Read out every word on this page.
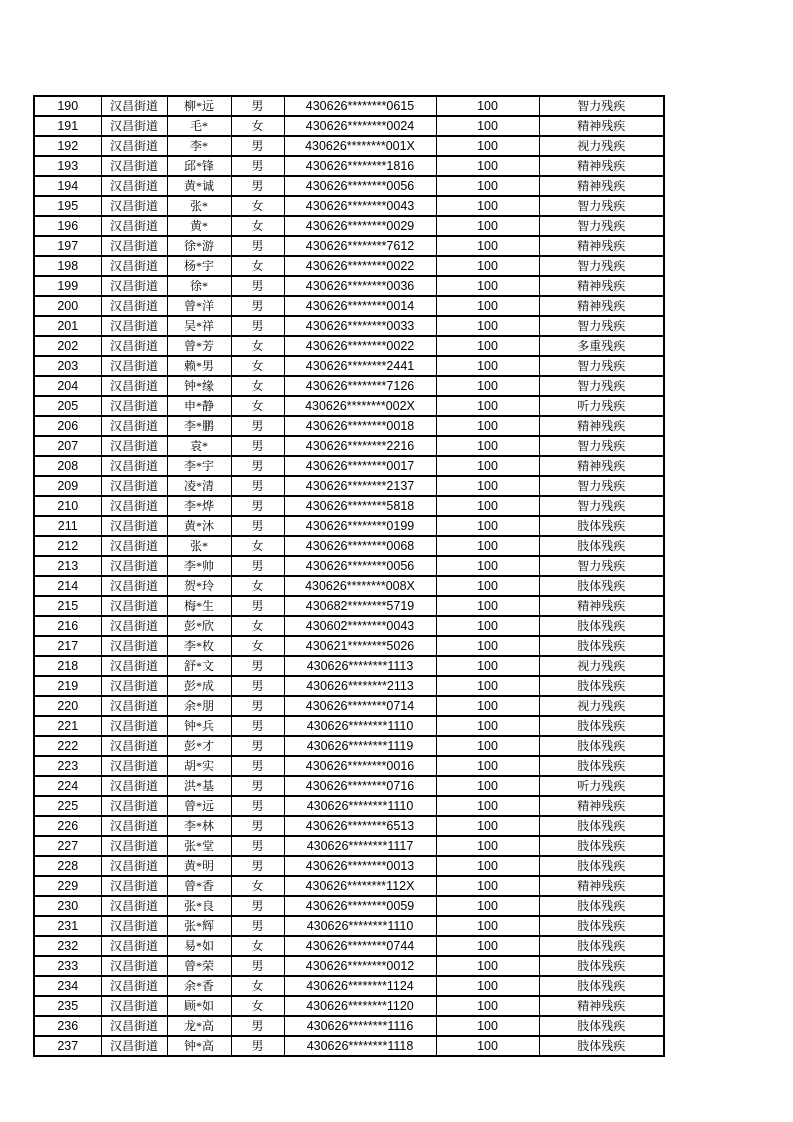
190	汉昌街道	柳*远	男	430626********0615	100	智力残疾
191	汉昌街道	毛*	女	430626********0024	100	精神残疾
192	汉昌街道	李*	男	430626********001X	100	视力残疾
193	汉昌街道	邱*锋	男	430626********1816	100	精神残疾
194	汉昌街道	黄*诚	男	430626********0056	100	精神残疾
195	汉昌街道	张*	女	430626********0043	100	智力残疾
196	汉昌街道	黄*	女	430626********0029	100	智力残疾
197	汉昌街道	徐*游	男	430626********7612	100	精神残疾
198	汉昌街道	杨*宇	女	430626********0022	100	智力残疾
199	汉昌街道	徐*	男	430626********0036	100	精神残疾
200	汉昌街道	曾*洋	男	430626********0014	100	精神残疾
201	汉昌街道	吴*祥	男	430626********0033	100	智力残疾
202	汉昌街道	曾*芳	女	430626********0022	100	多重残疾
203	汉昌街道	赖*男	女	430626********2441	100	智力残疾
204	汉昌街道	钟*缘	女	430626********7126	100	智力残疾
205	汉昌街道	申*静	女	430626********002X	100	听力残疾
206	汉昌街道	李*鹏	男	430626********0018	100	精神残疾
207	汉昌街道	袁*	男	430626********2216	100	智力残疾
208	汉昌街道	李*宇	男	430626********0017	100	精神残疾
209	汉昌街道	凌*清	男	430626********2137	100	智力残疾
210	汉昌街道	李*烨	男	430626********5818	100	智力残疾
211	汉昌街道	黄*沐	男	430626********0199	100	肢体残疾
212	汉昌街道	张*	女	430626********0068	100	肢体残疾
213	汉昌街道	李*帅	男	430626********0056	100	智力残疾
214	汉昌街道	贺*玲	女	430626********008X	100	肢体残疾
215	汉昌街道	梅*生	男	430682********5719	100	精神残疾
216	汉昌街道	彭*欣	女	430602********0043	100	肢体残疾
217	汉昌街道	李*枚	女	430621********5026	100	肢体残疾
218	汉昌街道	舒*文	男	430626********1113	100	视力残疾
219	汉昌街道	彭*成	男	430626********2113	100	肢体残疾
220	汉昌街道	余*朋	男	430626********0714	100	视力残疾
221	汉昌街道	钟*兵	男	430626********1110	100	肢体残疾
222	汉昌街道	彭*才	男	430626********1119	100	肢体残疾
223	汉昌街道	胡*实	男	430626********0016	100	肢体残疾
224	汉昌街道	洪*基	男	430626********0716	100	听力残疾
225	汉昌街道	曾*远	男	430626********1110	100	精神残疾
226	汉昌街道	李*林	男	430626********6513	100	肢体残疾
227	汉昌街道	张*堂	男	430626********1117	100	肢体残疾
228	汉昌街道	黄*明	男	430626********0013	100	肢体残疾
229	汉昌街道	曾*香	女	430626********112X	100	精神残疾
230	汉昌街道	张*良	男	430626********0059	100	肢体残疾
231	汉昌街道	张*辉	男	430626********1110	100	肢体残疾
232	汉昌街道	易*如	女	430626********0744	100	肢体残疾
233	汉昌街道	曾*荣	男	430626********0012	100	肢体残疾
234	汉昌街道	余*香	女	430626********1124	100	肢体残疾
235	汉昌街道	顾*如	女	430626********1120	100	精神残疾
236	汉昌街道	龙*高	男	430626********1116	100	肢体残疾
237	汉昌街道	钟*高	男	430626********1118	100	肢体残疾
